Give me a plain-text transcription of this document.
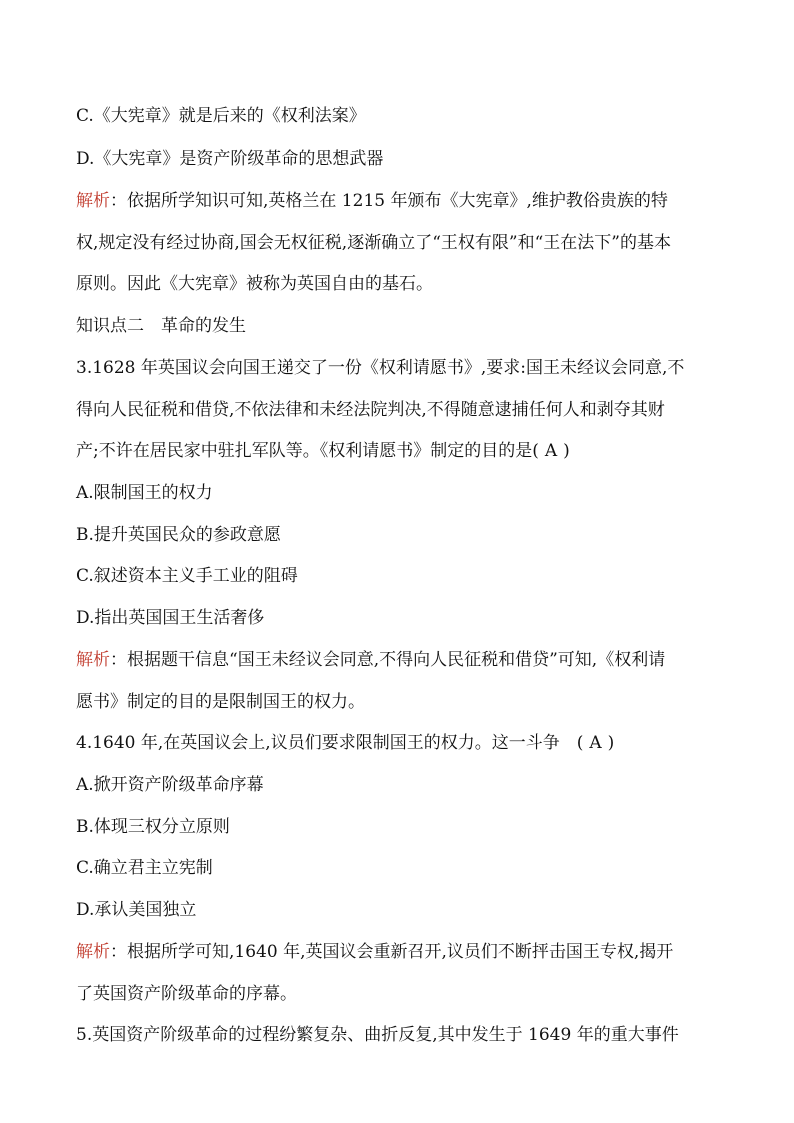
C.《大宪章》就是后来的《权利法案》
D.《大宪章》是资产阶级革命的思想武器
解析：依据所学知识可知,英格兰在 1215 年颁布《大宪章》,维护教俗贵族的特
权,规定没有经过协商,国会无权征税,逐渐确立了“王权有限”和“王在法下”的基本
原则。因此《大宪章》被称为英国自由的基石。
知识点二　革命的发生
3.1628 年英国议会向国王递交了一份《权利请愿书》,要求:国王未经议会同意,不
得向人民征税和借贷,不依法律和未经法院判决,不得随意逮捕任何人和剥夺其财
产;不许在居民家中驻扎军队等。《权利请愿书》制定的目的是( A )
A.限制国王的权力
B.提升英国民众的参政意愿
C.叙述资本主义手工业的阻碍
D.指出英国国王生活奢侈
解析：根据题干信息“国王未经议会同意,不得向人民征税和借贷”可知,《权利请
愿书》制定的目的是限制国王的权力。
4.1640 年,在英国议会上,议员们要求限制国王的权力。这一斗争　( A )
A.掀开资产阶级革命序幕
B.体现三权分立原则
C.确立君主立宪制
D.承认美国独立
解析：根据所学可知,1640 年,英国议会重新召开,议员们不断抨击国王专权,揭开
了英国资产阶级革命的序幕。
5.英国资产阶级革命的过程纷繁复杂、曲折反复,其中发生于 1649 年的重大事件
